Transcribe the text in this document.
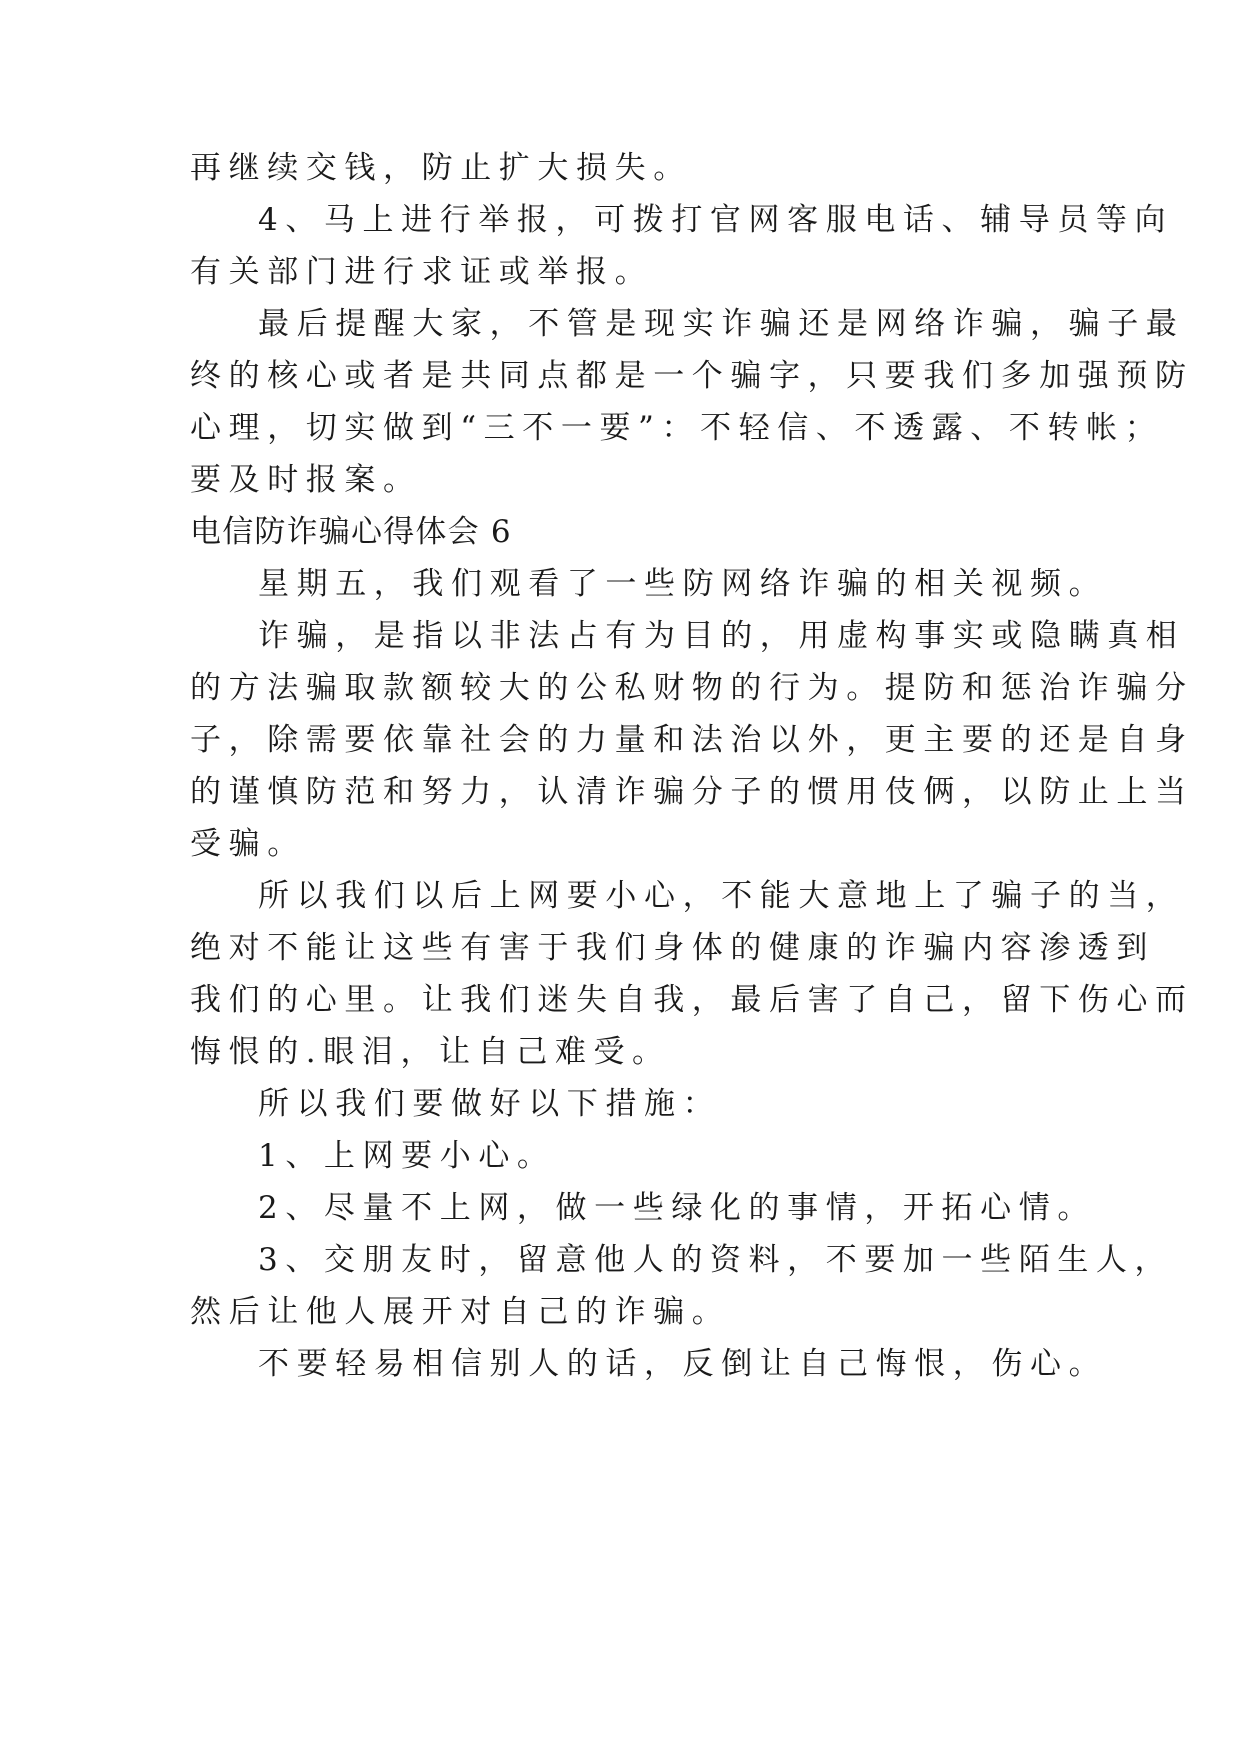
再继续交钱，防止扩大损失。
4、马上进行举报，可拨打官网客服电话、辅导员等向
有关部门进行求证或举报。
最后提醒大家，不管是现实诈骗还是网络诈骗，骗子最
终的核心或者是共同点都是一个骗字，只要我们多加强预防
心理，切实做到“三不一要”：不轻信、不透露、不转帐；
要及时报案。
电信防诈骗心得体会 6
星期五，我们观看了一些防网络诈骗的相关视频。
诈骗，是指以非法占有为目的，用虚构事实或隐瞒真相
的方法骗取款额较大的公私财物的行为。提防和惩治诈骗分
子，除需要依靠社会的力量和法治以外，更主要的还是自身
的谨慎防范和努力，认清诈骗分子的惯用伎俩，以防止上当
受骗。
所以我们以后上网要小心，不能大意地上了骗子的当，
绝对不能让这些有害于我们身体的健康的诈骗内容渗透到
我们的心里。让我们迷失自我，最后害了自己，留下伤心而
悔恨的.眼泪，让自己难受。
所以我们要做好以下措施：
1、上网要小心。
2、尽量不上网，做一些绿化的事情，开拓心情。
3、交朋友时，留意他人的资料，不要加一些陌生人，
然后让他人展开对自己的诈骗。
不要轻易相信别人的话，反倒让自己悔恨，伤心。
